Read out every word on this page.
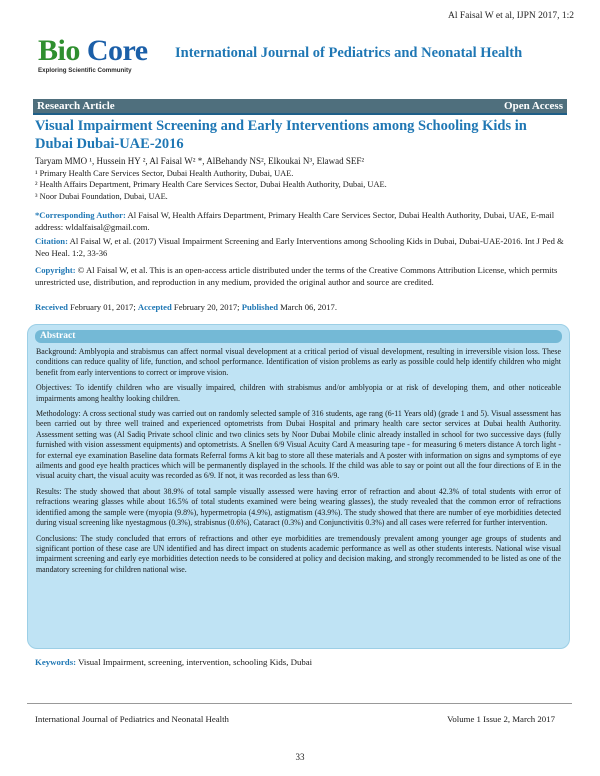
Al Faisal W et al, IJPN 2017, 1:2
Bio Core
Exploring Scientific Community
International Journal of Pediatrics and Neonatal Health
Research Article	Open Access
Visual Impairment Screening and Early Interventions among Schooling Kids in Dubai Dubai-UAE-2016
Taryam MMO ¹, Hussein HY ², Al Faisal W² *, AlBehandy NS², Elkoukai N³, Elawad SEF²
¹ Primary Health Care Services Sector, Dubai Health Authority, Dubai, UAE.
² Health Affairs Department, Primary Health Care Services Sector, Dubai Health Authority, Dubai, UAE.
³ Noor Dubai Foundation, Dubai, UAE.
*Corresponding Author: Al Faisal W, Health Affairs Department, Primary Health Care Services Sector, Dubai Health Authority, Dubai, UAE, E-mail address: wldalfaisal@gmail.com.
Citation: Al Faisal W, et al. (2017) Visual Impairment Screening and Early Interventions among Schooling Kids in Dubai, Dubai-UAE-2016. Int J Ped & Neo Heal. 1:2, 33-36
Copyright: © Al Faisal W, et al. This is an open-access article distributed under the terms of the Creative Commons Attribution License, which permits unrestricted use, distribution, and reproduction in any medium, provided the original author and source are credited.
Received February 01, 2017; Accepted February 20, 2017; Published March 06, 2017.
Abstract

Background: Amblyopia and strabismus can affect normal visual development at a critical period of visual development, resulting in irreversible vision loss. These conditions can reduce quality of life, function, and school performance. Identification of vision problems as early as possible could help identify children who might benefit from early interventions to correct or improve vision.

Objectives: To identify children who are visually impaired, children with strabismus and/or amblyopia or at risk of developing them, and other noticeable impairments among healthy looking children.

Methodology: A cross sectional study was carried out on randomly selected sample of 316 students, age rang (6-11 Years old) (grade 1 and 5). Visual assessment has been carried out by three well trained and experienced optometrists from Dubai Hospital and primary health care sector services at Dubai health Authority. Assessment setting was (Al Sadiq Private school clinic and two clinics sets by Noor Dubai Mobile clinic already installed in school for two successive days (fully furnished with vision assessment equipments) and optometrists. A Snellen 6/9 Visual Acuity Card A measuring tape - for measuring 6 meters distance A torch light - for external eye examination Baseline data formats Referral forms A kit bag to store all these materials and A poster with information on signs and symptoms of eye ailments and good eye health practices which will be permanently displayed in the schools. If the child was able to say or point out all the four directions of E in the visual acuity chart, the visual acuity was recorded as 6/9. If not, it was recorded as less than 6/9.

Results: The study showed that about 38.9% of total sample visually assessed were having error of refraction and about 42.3% of total students with error of refractions wearing glasses while about 16.5% of total students examined were being wearing glasses), the study revealed that the common error of refractions identified among the sample were (myopia (9.8%), hypermetropia (4.9%), astigmatism (43.9%). The study showed that there are number of eye morbidities detected during visual screening like nyestagmous (0.3%), strabisnus (0.6%), Cataract (0.3%) and Conjunctivitis 0.3%) and all cases were referred for further intervention.

Conclusions: The study concluded that errors of refractions and other eye morbidities are tremendously prevalent among younger age groups of students and significant portion of these case are UN identified and has direct impact on students academic performance as well as other students interests. National wise visual impairment screening and early eye morbidities detection needs to be considered at policy and decision making, and strongly recommended to be listed as one of the mandatory screening for children national wise.

Keywords: Visual Impairment, screening, intervention, schooling Kids, Dubai
International Journal of Pediatrics and Neonatal Health	Volume 1 Issue 2, March 2017
33
